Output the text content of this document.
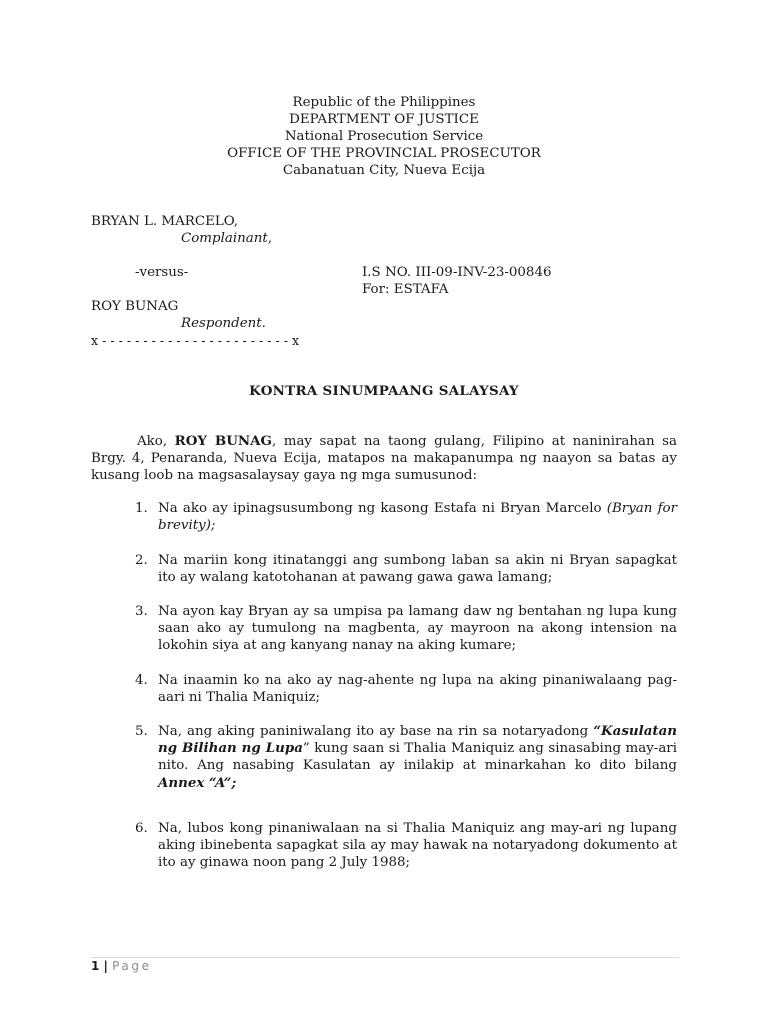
Republic of the Philippines
DEPARTMENT OF JUSTICE
National Prosecution Service
OFFICE OF THE PROVINCIAL PROSECUTOR
Cabanatuan City, Nueva Ecija
BRYAN L. MARCELO,
Complainant,
-versus-	I.S NO. III-09-INV-23-00846
For: ESTAFA
ROY BUNAG
Respondent.
x - - - - - - - - - - - - - - - - - - - - - - - x
KONTRA SINUMPAANG SALAYSAY
Ako, ROY BUNAG, may sapat na taong gulang, Filipino at naninirahan sa Brgy. 4, Penaranda, Nueva Ecija, matapos na makapanumpa ng naayon sa batas ay kusang loob na magsasalaysay gaya ng mga sumusunod:
1. Na ako ay ipinagsusumbong ng kasong Estafa ni Bryan Marcelo (Bryan for brevity);
2. Na mariin kong itinatanggi ang sumbong laban sa akin ni Bryan sapagkat ito ay walang katotohanan at pawang gawa gawa lamang;
3. Na ayon kay Bryan ay sa umpisa pa lamang daw ng bentahan ng lupa kung saan ako ay tumulong na magbenta, ay mayroon na akong intension na lokohin siya at ang kanyang nanay na aking kumare;
4. Na inaamin ko na ako ay nag-ahente ng lupa na aking pinaniwalaang pag-aari ni Thalia Maniquiz;
5. Na, ang aking paniniwalang ito ay base na rin sa notaryadong “Kasulatan ng Bilihan ng Lupa” kung saan si Thalia Maniquiz ang sinasabing may-ari nito. Ang nasabing Kasulatan ay inilakip at minarkahan ko dito bilang Annex “A”;
6. Na, lubos kong pinaniwalaan na si Thalia Maniquiz ang may-ari ng lupang aking ibinebenta sapagkat sila ay may hawak na notaryadong dokumento at ito ay ginawa noon pang 2 July 1988;
1 | Page
